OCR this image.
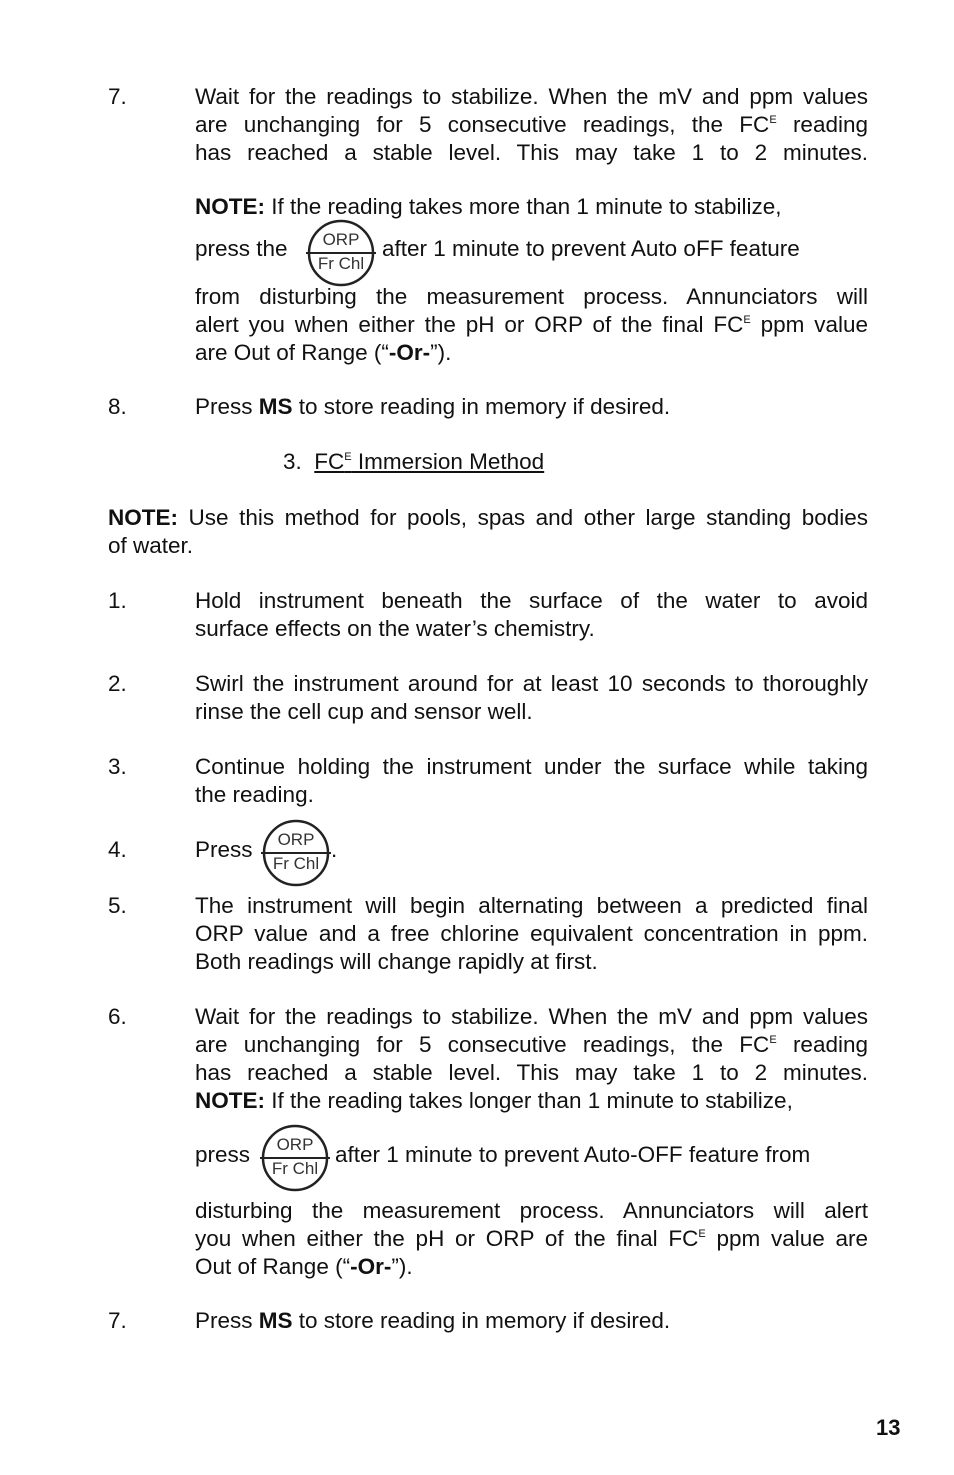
7.	Wait for the readings to stabilize. When the mV and ppm values
are unchanging for 5 consecutive readings, the $FC^E$ reading
has reached a stable level. This may take 1 to 2 minutes.
NOTE: If the reading takes more than 1 minute to stabilize,
press the ORP
Fr Chl
after 1 minute to prevent Auto oFF feature
from disturbing the measurement process. Annunciators will
alert you when either the pH or ORP of the final $FC^E$ ppm value
are Out of Range (“-Or-”).
8.	Press MS to store reading in memory if desired.
3. $FC^E$ Immersion Method
NOTE: Use this method for pools, spas and other large standing bodies
of water.
1.	Hold instrument beneath the surface of the water to avoid
surface effects on the water’s chemistry.
2.	Swirl the instrument around for at least 10 seconds to thoroughly
rinse the cell cup and sensor well.
3.	Continue holding the instrument under the surface while taking
the reading.
4.	Press	ORP
Fr Chl
.
5.	The instrument will begin alternating between a predicted final
ORP value and a free chlorine equivalent concentration in ppm.
Both readings will change rapidly at first.
6.	Wait for the readings to stabilize. When the mV and ppm values
are unchanging for 5 consecutive readings, the $FC^E$ reading
has reached a stable level. This may take 1 to 2 minutes.
NOTE: If the reading takes longer than 1 minute to stabilize,
press ORP
Fr Chl
after 1 minute to prevent Auto-OFF feature from
disturbing the measurement process. Annunciators will alert
you when either the pH or ORP of the final $FC^E$ ppm value are
Out of Range (“-Or-”).
7.	Press MS to store reading in memory if desired.
13
